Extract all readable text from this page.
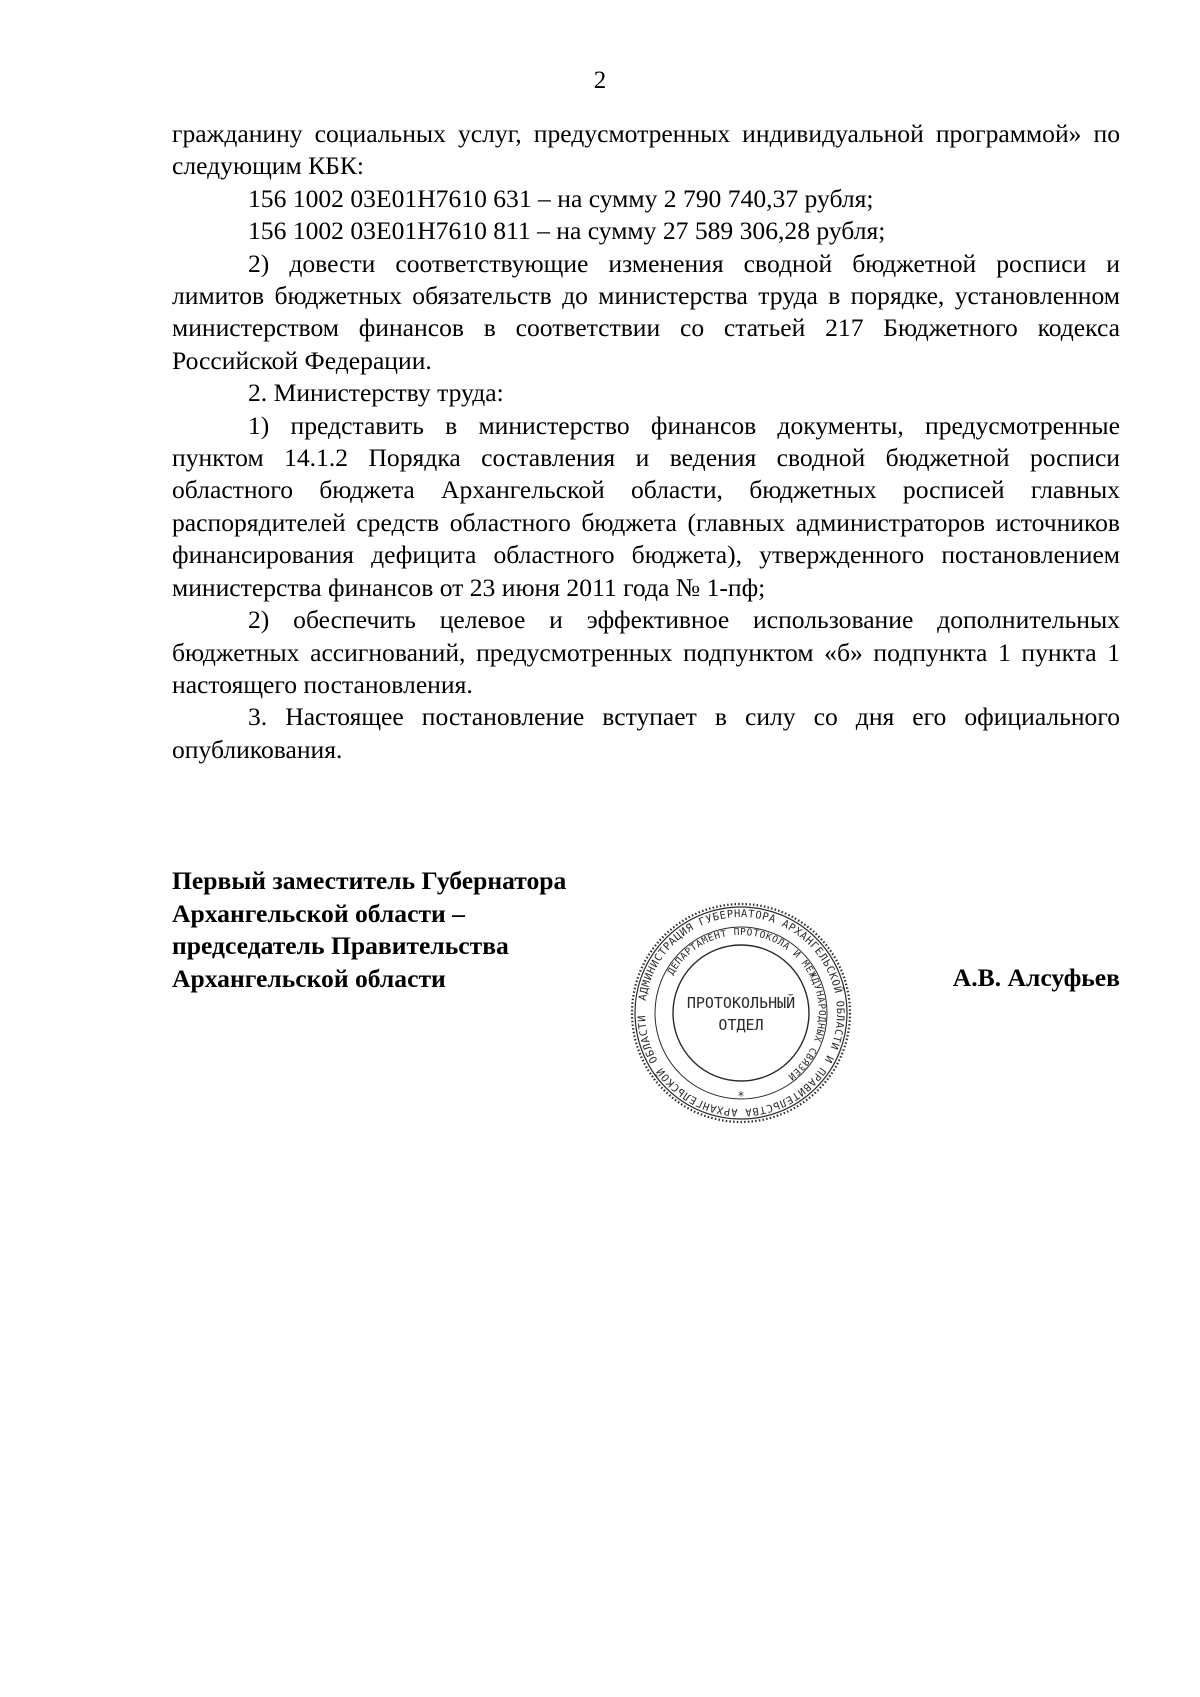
2

гражданину социальных услуг, предусмотренных индивидуальной программой» по следующим КБК:

156 1002 03Е01Н7610 631 – на сумму 2 790 740,37 рубля;

156 1002 03Е01Н7610 811 – на сумму 27 589 306,28 рубля;

2) довести соответствующие изменения сводной бюджетной росписи и лимитов бюджетных обязательств до министерства труда в порядке, установленном министерством финансов в соответствии со статьей 217 Бюджетного кодекса Российской Федерации.

2. Министерству труда:

1) представить в министерство финансов документы, предусмотренные пунктом 14.1.2 Порядка составления и ведения сводной бюджетной росписи областного бюджета Архангельской области, бюджетных росписей главных распорядителей средств областного бюджета (главных администраторов источников финансирования дефицита областного бюджета), утвержденного постановлением министерства финансов от 23 июня 2011 года № 1-пф;

2) обеспечить целевое и эффективное использование дополнительных бюджетных ассигнований, предусмотренных подпунктом «б» подпункта 1 пункта 1 настоящего постановления.

3. Настоящее постановление вступает в силу со дня его официального опубликования.

Первый заместитель Губернатора
Архангельской области –
председатель Правительства
Архангельской области	А.В. Алсуфьев
АДМИНИСТРАЦИЯ ГУБЕРНАТОРА АРХАНГЕЛЬСКОЙ ОБЛАСТИ И ПРАВИТЕЛЬСТВА АРХАНГЕЛЬСКОЙ ОБЛАСТИ
ДЕПАРТАМЕНТ ПРОТОКОЛА И МЕЖДУНАРОДНЫХ СВЯЗЕЙ
ПРОТОКОЛЬНЫЙ
ОТДЕЛ
*
